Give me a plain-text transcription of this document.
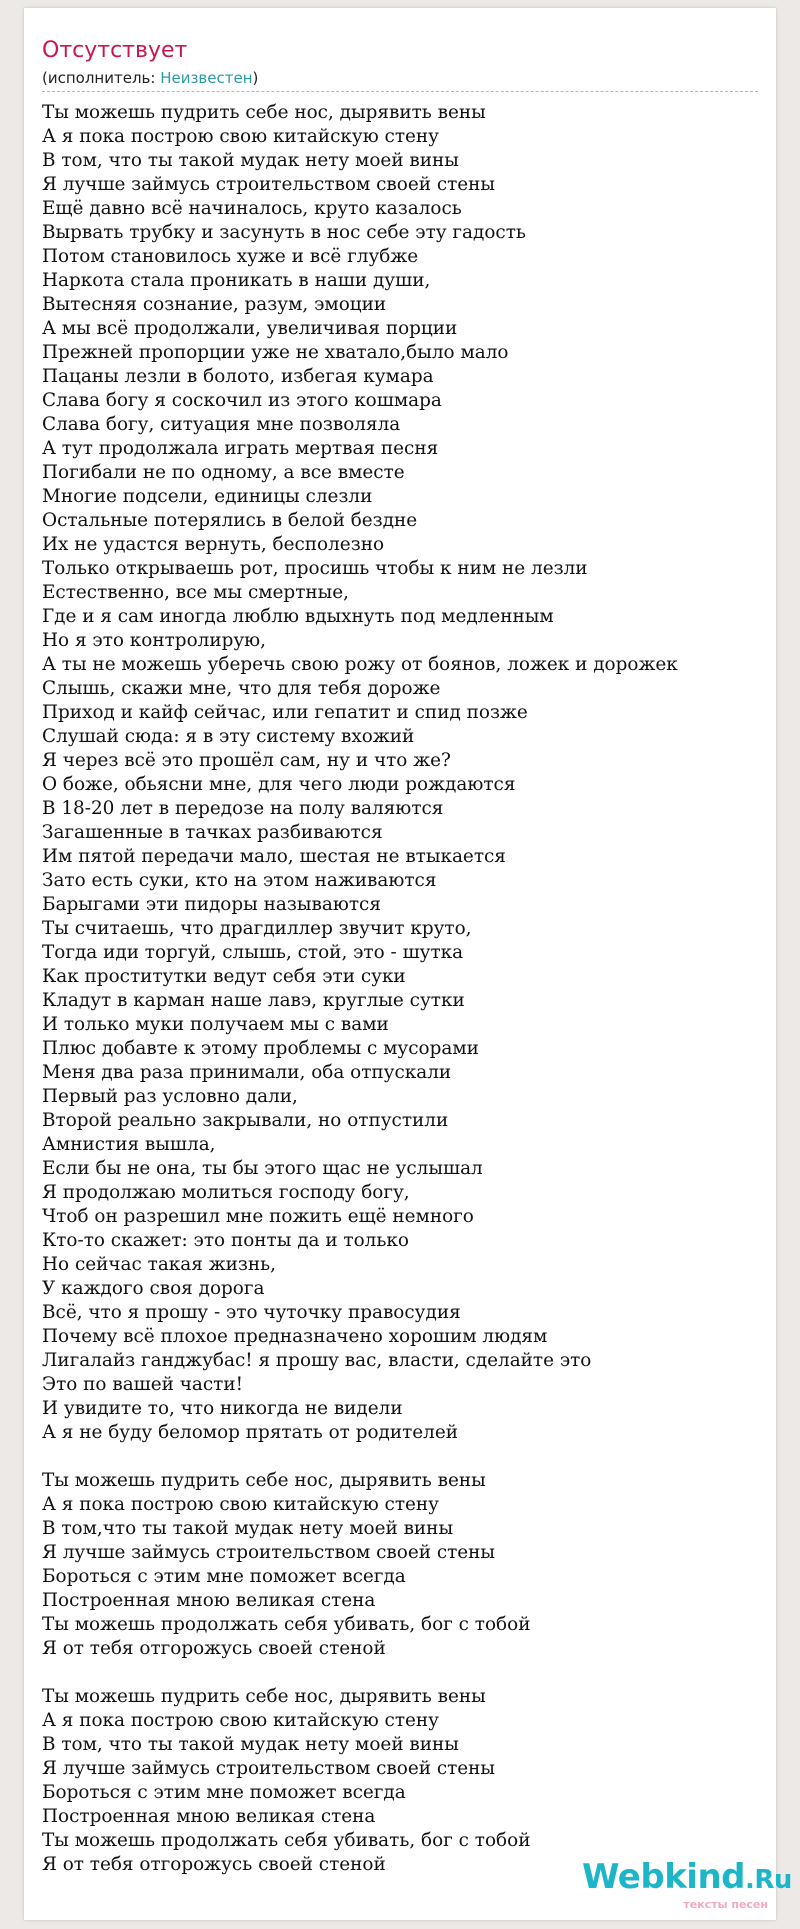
Отсутствует
(исполнитель: Неизвестен)
Ты можешь пудрить себе нос, дырявить вены
А я пока построю свою китайскую стену
В том, что ты такой мудак нету моей вины
Я лучше займусь строительством своей стены
Ещё давно всё начиналось, круто казалось
Вырвать трубку и засунуть в нос себе эту гадость
Потом становилось хуже и всё глубже
Наркота стала проникать в наши души,
Вытесняя сознание, разум, эмоции
А мы всё продолжали, увеличивая порции
Прежней пропорции уже не хватало,было мало
Пацаны лезли в болото, избегая кумара
Слава богу я соскочил из этого кошмара
Слава богу, ситуация мне позволяла
А тут продолжала играть мертвая песня
Погибали не по одному, а все вместе
Многие подсели, единицы слезли
Остальные потерялись в белой бездне
Их не удастся вернуть, бесполезно
Только открываешь рот, просишь чтобы к ним не лезли
Естественно, все мы смертные,
Где и я сам иногда люблю вдыхнуть под медленным
Но я это контролирую,
А ты не можешь уберечь свою рожу от боянов, ложек и дорожек
Слышь, скажи мне, что для тебя дороже
Приход и кайф сейчас, или гепатит и спид позже
Слушай сюда: я в эту систему вхожий
Я через всё это прошёл сам, ну и что же?
О боже, обьясни мне, для чего люди рождаются
В 18-20 лет в передозе на полу валяются
Загашенные в тачках разбиваются
Им пятой передачи мало, шестая не втыкается
Зато есть суки, кто на этом наживаются
Барыгами эти пидоры называются
Ты считаешь, что драгдиллер звучит круто,
Тогда иди торгуй, слышь, стой, это - шутка
Как проститутки ведут себя эти суки
Кладут в карман наше лавэ, круглые сутки
И только муки получаем мы с вами
Плюс добавте к этому проблемы с мусорами
Меня два раза принимали, оба отпускали
Первый раз условно дали,
Второй реально закрывали, но отпустили
Амнистия вышла,
Если бы не она, ты бы этого щас не услышал
Я продолжаю молиться господу богу,
Чтоб он разрешил мне пожить ещё немного
Кто-то скажет: это понты да и только
Но сейчас такая жизнь,
У каждого своя дорога
Всё, что я прошу - это чуточку правосудия
Почему всё плохое предназначено хорошим людям
Лигалайз ганджубас! я прошу вас, власти, сделайте это
Это по вашей части!
И увидите то, что никогда не видели
А я не буду беломор прятать от родителей
Ты можешь пудрить себе нос, дырявить вены
А я пока построю свою китайскую стену
В том,что ты такой мудак нету моей вины
Я лучше займусь строительством своей стены
Бороться с этим мне поможет всегда
Построенная мною великая стена
Ты можешь продолжать себя убивать, бог с тобой
Я от тебя отгорожусь своей стеной
Ты можешь пудрить себе нос, дырявить вены
А я пока построю свою китайскую стену
В том, что ты такой мудак нету моей вины
Я лучше займусь строительством своей стены
Бороться с этим мне поможет всегда
Построенная мною великая стена
Ты можешь продолжать себя убивать, бог с тобой
Я от тебя отгорожусь своей стеной	Webkind.Ru
тексты песен
